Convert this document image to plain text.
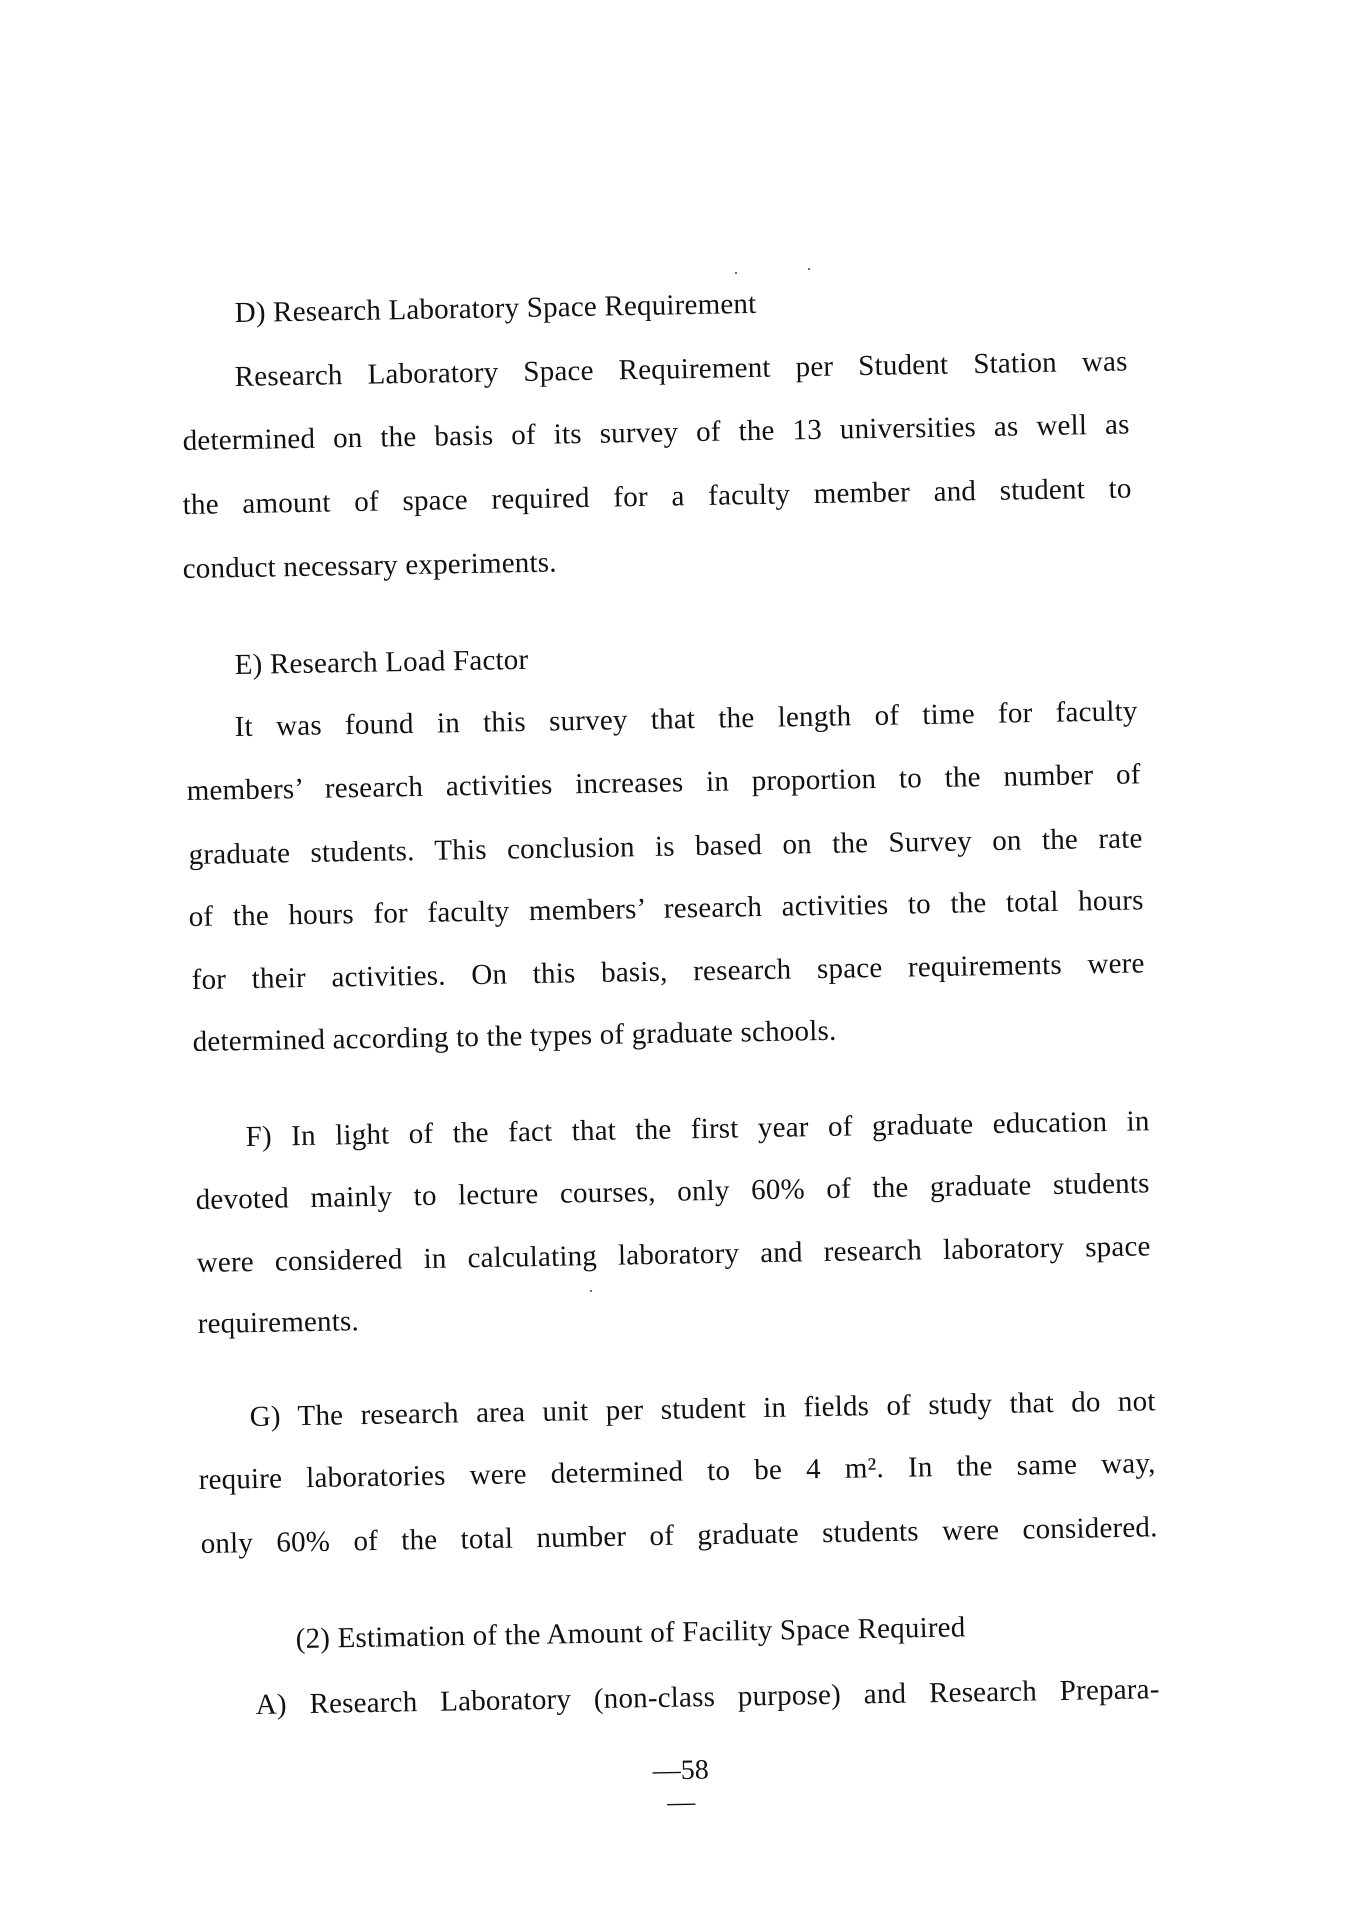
D) Research Laboratory Space Requirement
Research Laboratory Space Requirement per Student Station was
determined on the basis of its survey of the 13 universities as well as
the amount of space required for a faculty member and student to
conduct necessary experiments.
E) Research Load Factor
It was found in this survey that the length of time for faculty
members’ research activities increases in proportion to the number of
graduate students. This conclusion is based on the Survey on the rate
of the hours for faculty members’ research activities to the total hours
for their activities. On this basis, research space requirements were
determined according to the types of graduate schools.
F) In light of the fact that the first year of graduate education in
devoted mainly to lecture courses, only 60% of the graduate students
were considered in calculating laboratory and research laboratory space
requirements.
G) The research area unit per student in fields of study that do not
require laboratories were determined to be 4 m². In the same way,
only 60% of the total number of graduate students were considered.
(2) Estimation of the Amount of Facility Space Required
A) Research Laboratory (non-class purpose) and Research Prepara-
—58—
